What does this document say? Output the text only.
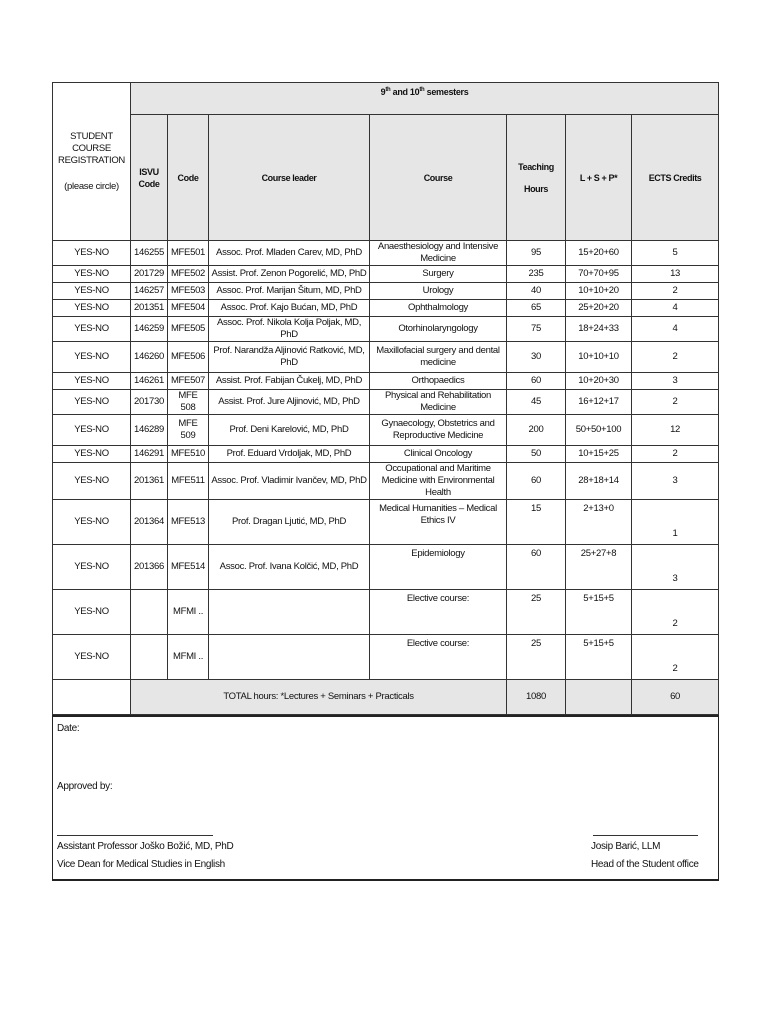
STUDENT COURSE REGISTRATION
(please circle)	9th and 10th semesters						
	ISVU Code	Code	Course leader	Course	Teaching
Hours	L + S + P*	ECTS Credits
YES-NO	146255	MFE501	Assoc. Prof. Mladen Carev, MD, PhD	Anaesthesiology and Intensive Medicine	95	15+20+60	5
YES-NO	201729	MFE502	Assist. Prof. Zenon Pogorelić, MD, PhD	Surgery	235	70+70+95	13
YES-NO	146257	MFE503	Assoc. Prof. Marijan Šitum, MD, PhD	Urology	40	10+10+20	2
YES-NO	201351	MFE504	Assoc. Prof. Kajo Bućan, MD, PhD	Ophthalmology	65	25+20+20	4
YES-NO	146259	MFE505	Assoc. Prof. Nikola Kolja Poljak, MD, PhD	Otorhinolaryngology	75	18+24+33	4
YES-NO	146260	MFE506	Prof. Narandža Aljinović Ratković, MD, PhD	Maxillofacial surgery and dental medicine	30	10+10+10	2
YES-NO	146261	MFE507	Assist. Prof. Fabijan Čukelj, MD, PhD	Orthopaedics	60	10+20+30	3
YES-NO	201730	MFE 508	Assist. Prof. Jure Aljinović, MD, PhD	Physical and Rehabilitation Medicine	45	16+12+17	2
YES-NO	146289	MFE 509	Prof. Deni Karelović, MD, PhD	Gynaecology, Obstetrics and Reproductive Medicine	200	50+50+100	12
YES-NO	146291	MFE510	Prof. Eduard Vrdoljak, MD, PhD	Clinical Oncology	50	10+15+25	2
YES-NO	201361	MFE511	Assoc. Prof. Vladimir Ivančev, MD, PhD	Occupational and Maritime Medicine with Environmental Health	60	28+18+14	3
YES-NO	201364	MFE513	Prof. Dragan Ljutić, MD, PhD	Medical Humanities – Medical Ethics IV	15	2+13+0	1
YES-NO	201366	MFE514	Assoc. Prof. Ivana Kolčić, MD, PhD	Epidemiology	60	25+27+8	3
YES-NO		MFMI ..		Elective course:	25	5+15+5	2
YES-NO		MFMI ..		Elective course:	25	5+15+5	2
	TOTAL hours: *Lectures + Seminars + Practicals				1080		60
Date:
Approved by:
Assistant Professor Joško Božić, MD, PhD
Vice Dean for Medical Studies in English
Josip Barić, LLM
Head of the Student office
